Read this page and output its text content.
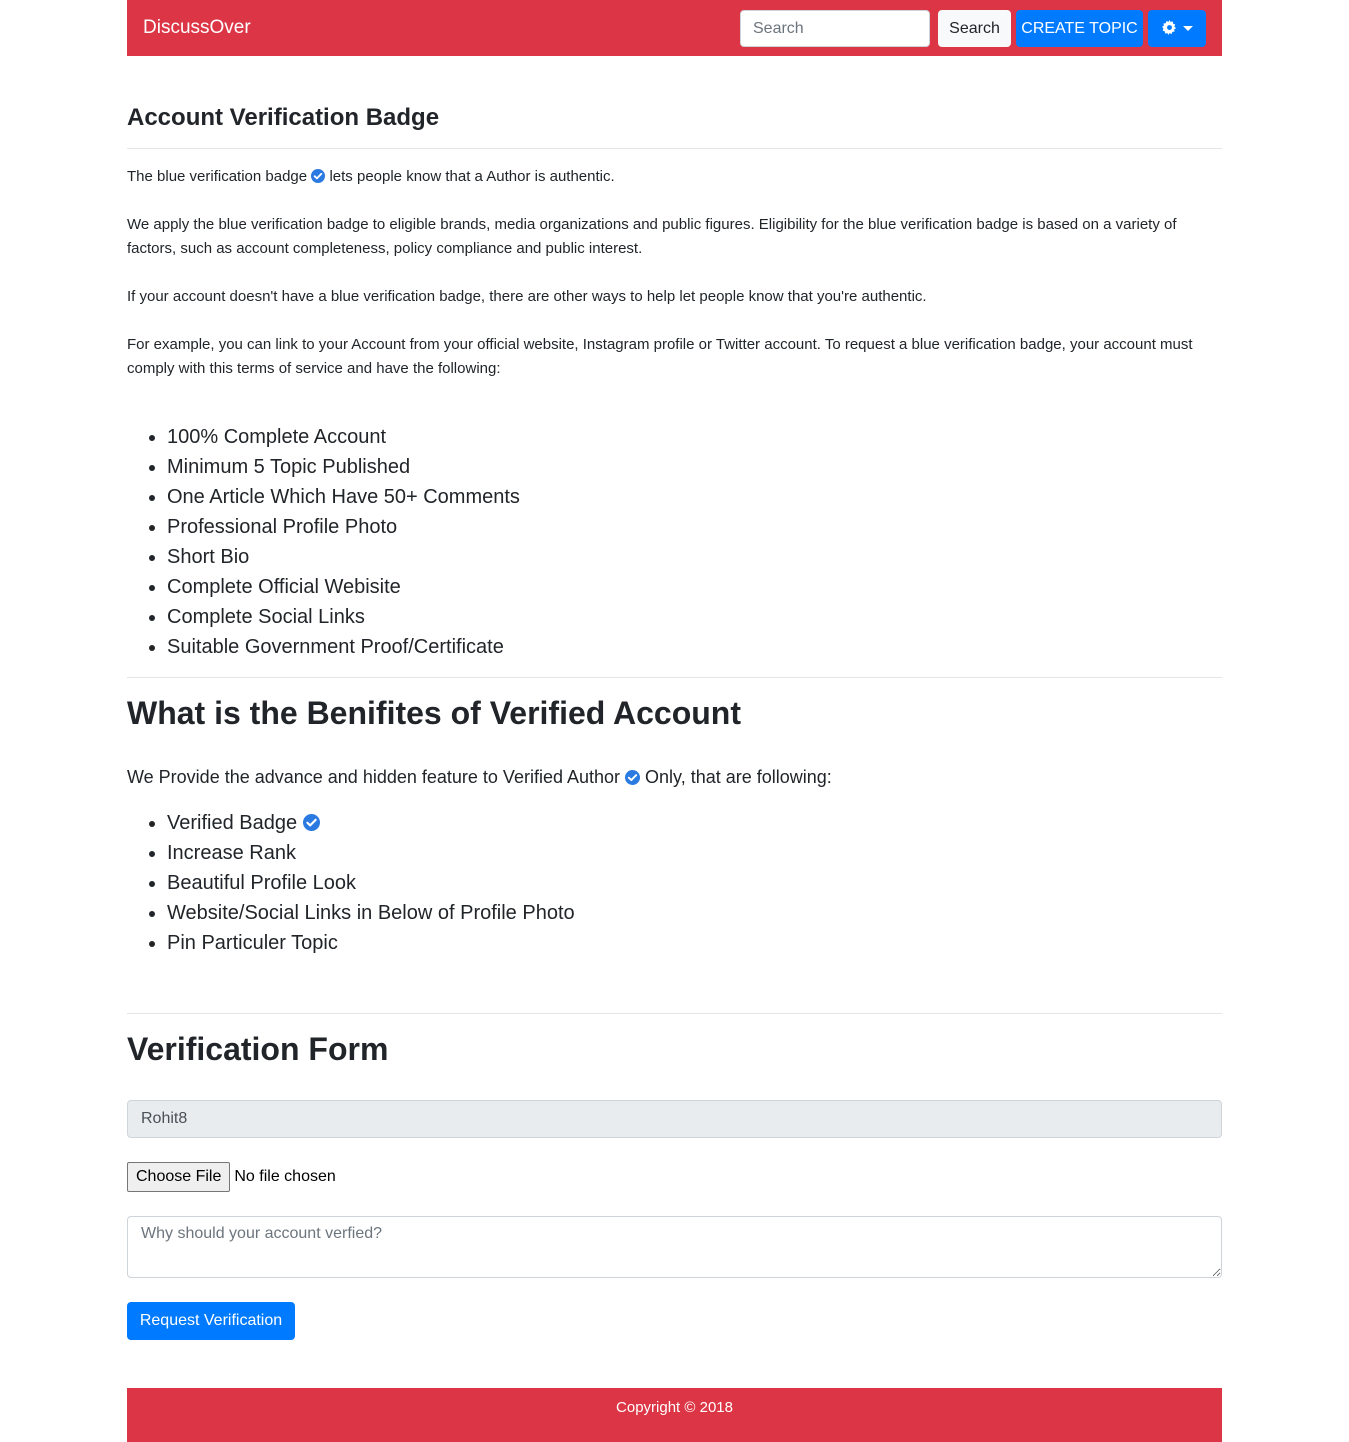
DiscussOver
Search	Search	CREATE TOPIC
Account Verification Badge

The blue verification badge lets people know that a Author is authentic.

We apply the blue verification badge to eligible brands, media organizations and public figures. Eligibility for the blue verification badge is based on a variety of factors, such as account completeness, policy compliance and public interest.

If your account doesn't have a blue verification badge, there are other ways to help let people know that you're authentic.

For example, you can link to your Account from your official website, Instagram profile or Twitter account. To request a blue verification badge, your account must comply with this terms of service and have the following:

• 100% Complete Account
• Minimum 5 Topic Published
• One Article Which Have 50+ Comments
• Professional Profile Photo
• Short Bio
• Complete Official Webisite
• Complete Social Links
• Suitable Government Proof/Certificate
What is the Benifites of Verified Account

We Provide the advance and hidden feature to Verified Author Only, that are following:

• Verified Badge
• Increase Rank
• Beautiful Profile Look
• Website/Social Links in Below of Profile Photo
• Pin Particuler Topic
Verification Form
Rohit8
Choose File No file chosen
Why should your account verfied?
Request Verification
Copyright © 2018
